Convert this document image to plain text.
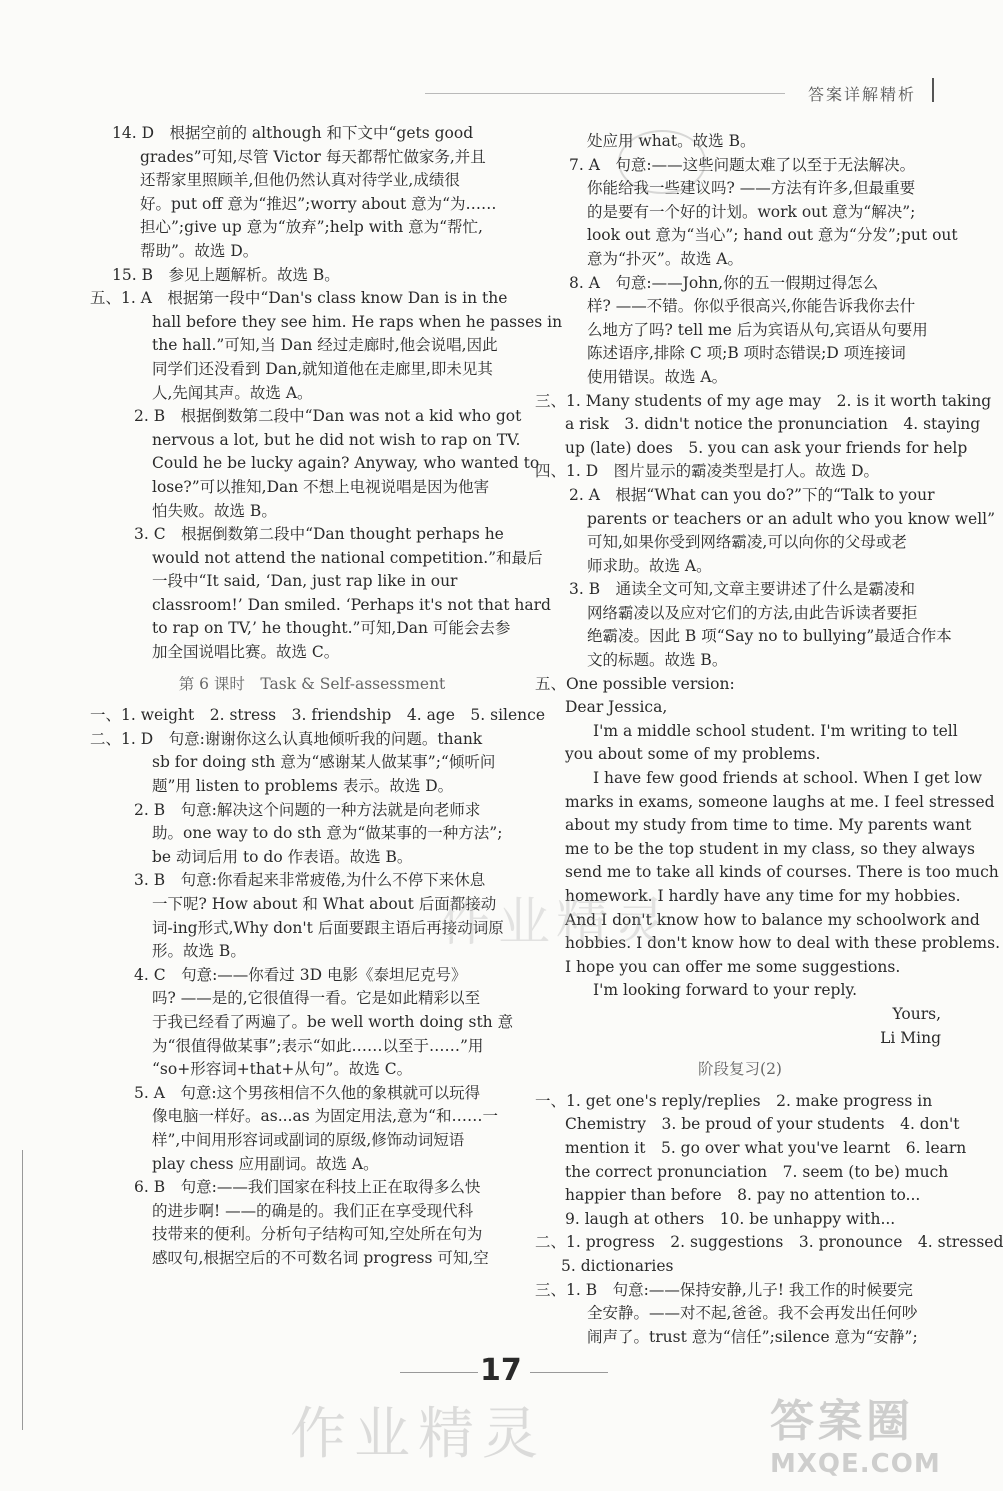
答案详解精析
14. D　根据空前的 although 和下文中“gets good
grades”可知,尽管 Victor 每天都帮忙做家务,并且
还帮家里照顾羊,但他仍然认真对待学业,成绩很
好。put off 意为“推迟”;worry about 意为“为……
担心”;give up 意为“放弃”;help with 意为“帮忙,
帮助”。故选 D。
15. B　参见上题解析。故选 B。
五、1. A　根据第一段中“Dan's class know Dan is in the
hall before they see him. He raps when he passes in
the hall.”可知,当 Dan 经过走廊时,他会说唱,因此
同学们还没看到 Dan,就知道他在走廊里,即未见其
人,先闻其声。故选 A。
2. B　根据倒数第二段中“Dan was not a kid who got
nervous a lot, but he did not wish to rap on TV.
Could he be lucky again? Anyway, who wanted to
lose?”可以推知,Dan 不想上电视说唱是因为他害
怕失败。故选 B。
3. C　根据倒数第二段中“Dan thought perhaps he
would not attend the national competition.”和最后
一段中“It said, ‘Dan, just rap like in our
classroom!’ Dan smiled. ‘Perhaps it's not that hard
to rap on TV,’ he thought.”可知,Dan 可能会去参
加全国说唱比赛。故选 C。
第 6 课时　Task & Self-assessment
一、1. weight　2. stress　3. friendship　4. age　5. silence
二、1. D　句意:谢谢你这么认真地倾听我的问题。thank
sb for doing sth 意为“感谢某人做某事”;“倾听问
题”用 listen to problems 表示。故选 D。
2. B　句意:解决这个问题的一种方法就是向老师求
助。one way to do sth 意为“做某事的一种方法”;
be 动词后用 to do 作表语。故选 B。
3. B　句意:你看起来非常疲倦,为什么不停下来休息
一下呢? How about 和 What about 后面都接动
词-ing形式,Why don't 后面要跟主语后再接动词原
形。故选 B。
4. C　句意:——你看过 3D 电影《泰坦尼克号》
吗? ——是的,它很值得一看。它是如此精彩以至
于我已经看了两遍了。be well worth doing sth 意
为“很值得做某事”;表示“如此……以至于……”用
“so+形容词+that+从句”。故选 C。
5. A　句意:这个男孩相信不久他的象棋就可以玩得
像电脑一样好。as...as 为固定用法,意为“和……一
样”,中间用形容词或副词的原级,修饰动词短语
play chess 应用副词。故选 A。
6. B　句意:——我们国家在科技上正在取得多么快
的进步啊! ——的确是的。我们正在享受现代科
技带来的便利。分析句子结构可知,空处所在句为
感叹句,根据空后的不可数名词 progress 可知,空
处应用 what。故选 B。
7. A　句意:——这些问题太难了以至于无法解决。
你能给我一些建议吗? ——方法有许多,但最重要
的是要有一个好的计划。work out 意为“解决”;
look out 意为“当心”; hand out 意为“分发”;put out
意为“扑灭”。故选 A。
8. A　句意:——John,你的五一假期过得怎么
样? ——不错。你似乎很高兴,你能告诉我你去什
么地方了吗? tell me 后为宾语从句,宾语从句要用
陈述语序,排除 C 项;B 项时态错误;D 项连接词
使用错误。故选 A。
三、1. Many students of my age may　2. is it worth taking
a risk　3. didn't notice the pronunciation　4. staying
up (late) does　5. you can ask your friends for help
四、1. D　图片显示的霸凌类型是打人。故选 D。
2. A　根据“What can you do?”下的“Talk to your
parents or teachers or an adult who you know well”
可知,如果你受到网络霸凌,可以向你的父母或老
师求助。故选 A。
3. B　通读全文可知,文章主要讲述了什么是霸凌和
网络霸凌以及应对它们的方法,由此告诉读者要拒
绝霸凌。因此 B 项“Say no to bullying”最适合作本
文的标题。故选 B。
五、One possible version:
Dear Jessica,
I'm a middle school student. I'm writing to tell
you about some of my problems.
I have few good friends at school. When I get low
marks in exams, someone laughs at me. I feel stressed
about my study from time to time. My parents want
me to be the top student in my class, so they always
send me to take all kinds of courses. There is too much
homework. I hardly have any time for my hobbies.
And I don't know how to balance my schoolwork and
hobbies. I don't know how to deal with these problems.
I hope you can offer me some suggestions.
I'm looking forward to your reply.
Yours,
Li Ming
阶段复习(2)
一、1. get one's reply/replies　2. make progress in
Chemistry　3. be proud of your students　4. don't
mention it　5. go over what you've learnt　6. learn
the correct pronunciation　7. seem (to be) much
happier than before　8. pay no attention to...
9. laugh at others　10. be unhappy with...
二、1. progress　2. suggestions　3. pronounce　4. stressed
5. dictionaries
三、1. B　句意:——保持安静,儿子! 我工作的时候要完
全安静。——对不起,爸爸。我不会再发出任何吵
闹声了。trust 意为“信任”;silence 意为“安静”;
作业精灵
17
作业精灵	答案圈
MXQE.COM
